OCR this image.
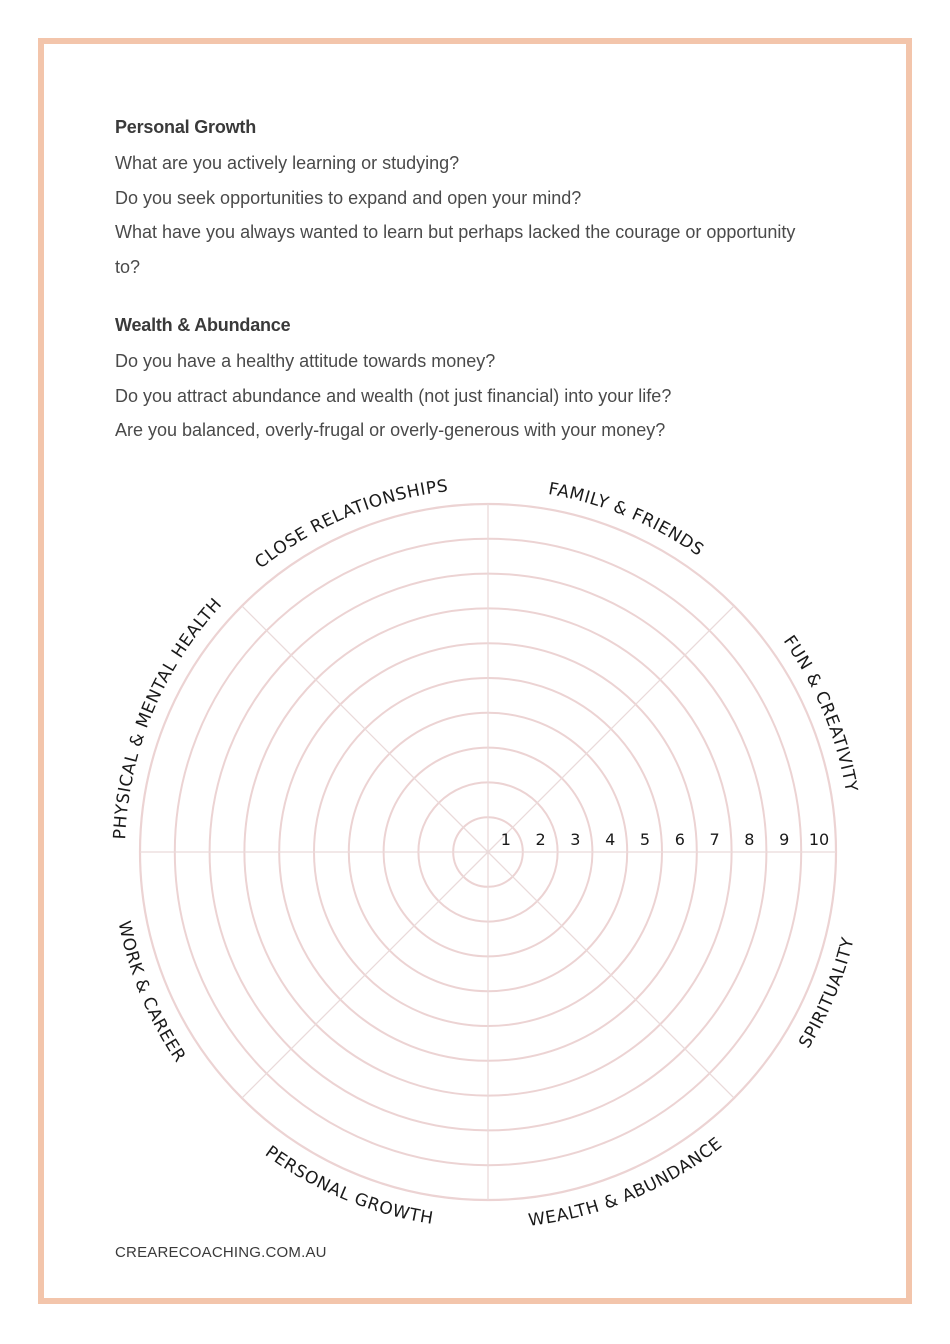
Personal Growth

What are you actively learning or studying?

Do you seek opportunities to expand and open your mind?

What have you always wanted to learn but perhaps lacked the courage or opportunity to?

Wealth & Abundance

Do you have a healthy attitude towards money?

Do you attract abundance and wealth (not just financial) into your life?

Are you balanced, overly-frugal or overly-generous with your money?

1 2 3 4 5 6 7 8 9 10
FAMILY & FRIENDS
FUN & CREATIVITY
SPIRITUALITY
WEALTH & ABUNDANCE
PERSONAL GROWTH
WORK & CAREER
PHYSICAL & MENTAL HEALTH
CLOSE RELATIONSHIPS
CREARECOACHING.COM.AU
